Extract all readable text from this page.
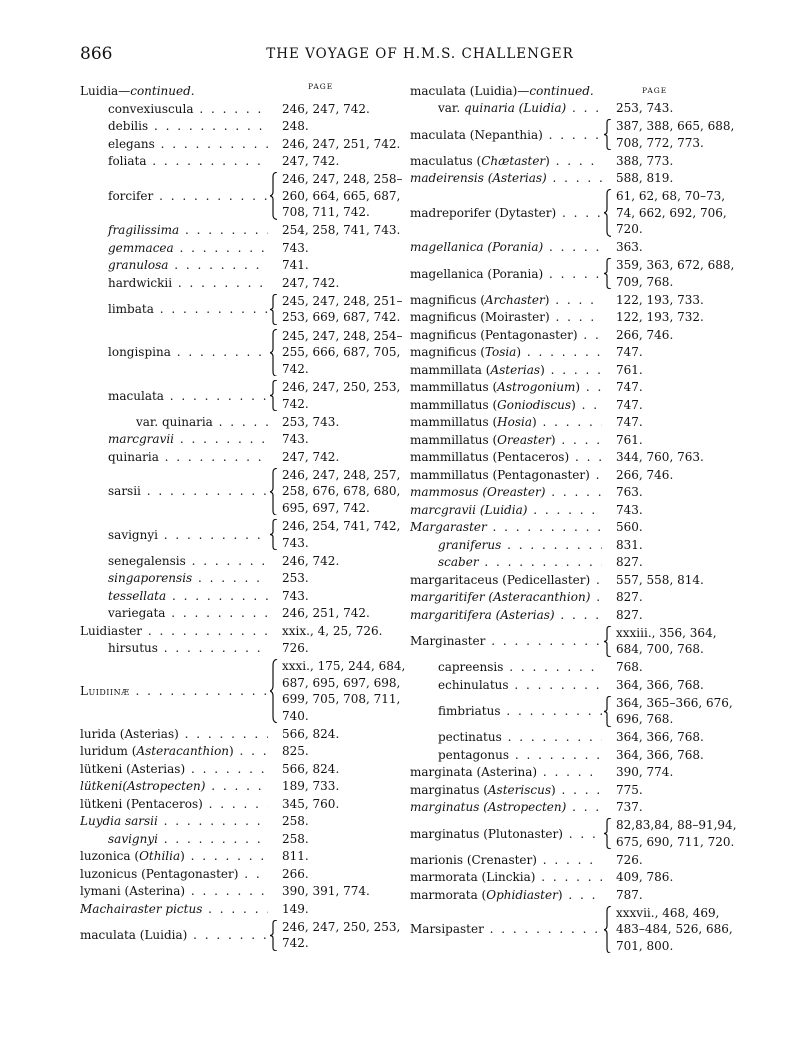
866	THE VOYAGE OF H.M.S. CHALLENGER
PAGE
Luidia—continued.
convexiuscula . . .	246, 247, 742.
debilis . . .	248.
elegans . . .	246, 247, 251, 742.
foliata . . .	247, 742.
forcifer . . .
246, 247, 248, 258–
260, 664, 665, 687,
708, 711, 742.
fragilissima . . .	254, 258, 741, 743.
gemmacea . . .	743.
granulosa . . .	741.
hardwickii . . .	247, 742.
limbata . . .
245, 247, 248, 251–
253, 669, 687, 742.
longispina . . .
245, 247, 248, 254–
255, 666, 687, 705,
742.
maculata . . .
246, 247, 250, 253,
742.
var. quinaria . . .	253, 743.
marcgravii . . .	743.
quinaria . . .	247, 742.
sarsii . . .
246, 247, 248, 257,
258, 676, 678, 680,
695, 697, 742.
savignyi . . .
246, 254, 741, 742,
743.
senegalensis . . .	246, 742.
singaporensis . . .	253.
tessellata . . .	743.
variegata . . .	246, 251, 742.
Luidiaster . . .	xxix., 4, 25, 726.
hirsutus . . .	726.
Luidiinæ . . .
xxxi., 175, 244, 684,
687, 695, 697, 698,
699, 705, 708, 711,
740.
lurida (Asterias) . . .	566, 824.
luridum (Asteracanthion) . . .	825.
lütkeni (Asterias) . . .	566, 824.
lütkeni(Astropecten) . . .	189, 733.
lütkeni (Pentaceros) . . .	345, 760.
Luydia sarsii . . .	258.
savignyi . . .	258.
luzonica (Othilia) . . .	811.
luzonicus (Pentagonaster) . . .	266.
lymani (Asterina) . . .	390, 391, 774.
Machairaster pictus . . .	149.
maculata (Luidia) . . .
246, 247, 250, 253,
742.
PAGE
maculata (Luidia)—continued.
var. quinaria (Luidia) . . .	253, 743.
maculata (Nepanthia) . . .
387, 388, 665, 688,
708, 772, 773.
maculatus (Chætaster) . . .	388, 773.
madeirensis (Asterias) . . .	588, 819.
madreporifer (Dytaster) . . .
61, 62, 68, 70–73,
74, 662, 692, 706,
720.
magellanica (Porania) . . .	363.
magellanica (Porania) . . .
359, 363, 672, 688,
709, 768.
magnificus (Archaster) . . .	122, 193, 733.
magnificus (Moiraster) . . .	122, 193, 732.
magnificus (Pentagonaster) . . .	266, 746.
magnificus (Tosia) . . .	747.
mammillata (Asterias) . . .	761.
mammillatus (Astrogonium) . . .	747.
mammillatus (Goniodiscus) . . .	747.
mammillatus (Hosia) . . .	747.
mammillatus (Oreaster) . . .	761.
mammillatus (Pentaceros) . . .	344, 760, 763.
mammillatus (Pentagonaster) . . .	266, 746.
mammosus (Oreaster) . . .	763.
marcgravii (Luidia) . . .	743.
Margaraster . . .	560.
graniferus . . .	831.
scaber . . .	827.
margaritaceus (Pedicellaster) . . .	557, 558, 814.
margaritifer (Asteracanthion) . . .	827.
margaritifera (Asterias) . . .	827.
Marginaster . . .
xxxiii., 356, 364,
684, 700, 768.
capreensis . . .	768.
echinulatus . . .	364, 366, 768.
fimbriatus . . .
364, 365–366, 676,
696, 768.
pectinatus . . .	364, 366, 768.
pentagonus . . .	364, 366, 768.
marginata (Asterina) . . .	390, 774.
marginatus (Asteriscus) . . .	775.
marginatus (Astropecten) . . .	737.
marginatus (Plutonaster) . . .
82,83,84, 88–91,94,
675, 690, 711, 720.
marionis (Crenaster) . . .	726.
marmorata (Linckia) . . .	409, 786.
marmorata (Ophidiaster) . . .	787.
Marsipaster . . .
xxxvii., 468, 469,
483–484, 526, 686,
701, 800.
